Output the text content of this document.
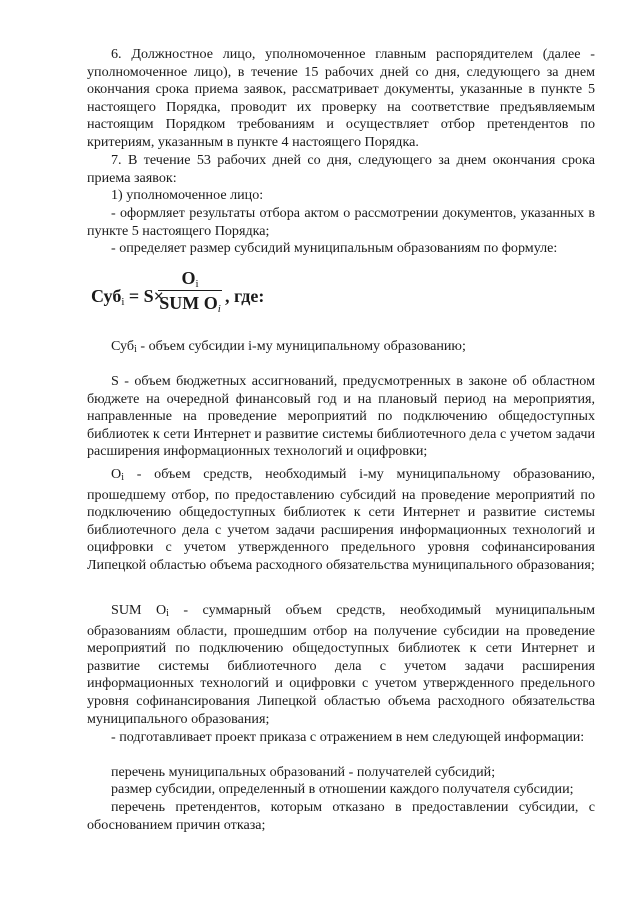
6. Должностное лицо, уполномоченное главным распорядителем (далее - уполномоченное лицо), в течение 15 рабочих дней со дня, следующего за днем окончания срока приема заявок, рассматривает документы, указанные в пункте 5 настоящего Порядка, проводит их проверку на соответствие предъявляемым настоящим Порядком требованиям и осуществляет отбор претендентов по критериям, указанным в пункте 4 настоящего Порядка.

7. В течение 53 рабочих дней со дня, следующего за днем окончания срока приема заявок:

1) уполномоченное лицо:

- оформляет результаты отбора актом о рассмотрении документов, указанных в пункте 5 настоящего Порядка;

- определяет размер субсидий муниципальным образованиям по формуле:

Суб$_i$ = S×
$O_i$
SUM $O_i$
, где:

Субi - объем субсидии i-му муниципальному образованию;

S - объем бюджетных ассигнований, предусмотренных в законе об областном бюджете на очередной финансовый год и на плановый период на мероприятия, направленные на проведение мероприятий по подключению общедоступных библиотек к сети Интернет и развитие системы библиотечного дела с учетом задачи расширения информационных технологий и оцифровки;

Oi - объем средств, необходимый i-му муниципальному образованию, прошедшему отбор, по предоставлению субсидий на проведение мероприятий по подключению общедоступных библиотек к сети Интернет и развитие системы библиотечного дела с учетом задачи расширения информационных технологий и оцифровки с учетом утвержденного предельного уровня софинансирования Липецкой областью объема расходного обязательства муниципального образования;

SUM Oi - суммарный объем средств, необходимый муниципальным образованиям области, прошедшим отбор на получение субсидии на проведение мероприятий по подключению общедоступных библиотек к сети Интернет и развитие системы библиотечного дела с учетом задачи расширения информационных технологий и оцифровки с учетом утвержденного предельного уровня софинансирования Липецкой областью объема расходного обязательства муниципального образования;

- подготавливает проект приказа с отражением в нем следующей информации:

перечень муниципальных образований - получателей субсидий;

размер субсидии, определенный в отношении каждого получателя субсидии;

перечень претендентов, которым отказано в предоставлении субсидии, с обоснованием причин отказа;
